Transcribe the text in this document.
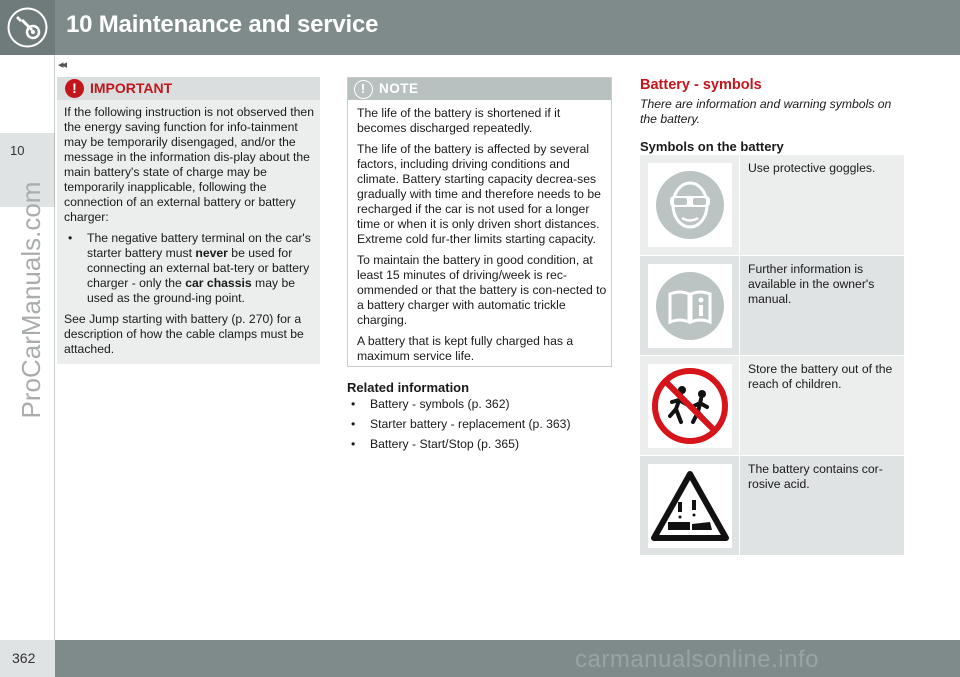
10 Maintenance and service
10
ProCarManuals.com
◂◂
!
IMPORTANT

If the following instruction is not observed then the energy saving function for info-tainment may be temporarily disengaged, and/or the message in the information dis-play about the main battery's state of charge may be temporarily inapplicable, following the connection of an external battery or battery charger:

• The negative battery terminal on the car's starter battery must never be used for connecting an external bat-tery or battery charger - only the car chassis may be used as the ground-ing point.

See Jump starting with battery (p. 270) for a description of how the cable clamps must be attached.

!
NOTE

The life of the battery is shortened if it becomes discharged repeatedly.

The life of the battery is affected by several factors, including driving conditions and climate. Battery starting capacity decrea-ses gradually with time and therefore needs to be recharged if the car is not used for a longer time or when it is only driven short distances. Extreme cold fur-ther limits starting capacity.

To maintain the battery in good condition, at least 15 minutes of driving/week is rec-ommended or that the battery is con-nected to a battery charger with automatic trickle charging.

A battery that is kept fully charged has a maximum service life.

Related information
• Battery - symbols (p. 362)
• Starter battery - replacement (p. 363)
• Battery - Start/Stop (p. 365)
Battery - symbols
There are information and warning symbols on the battery.
Symbols on the battery
Use protective goggles.
Further information is available in the owner's manual.
Store the battery out of the reach of children.
The battery contains cor-rosive acid.
362	carmanualsonline.info
